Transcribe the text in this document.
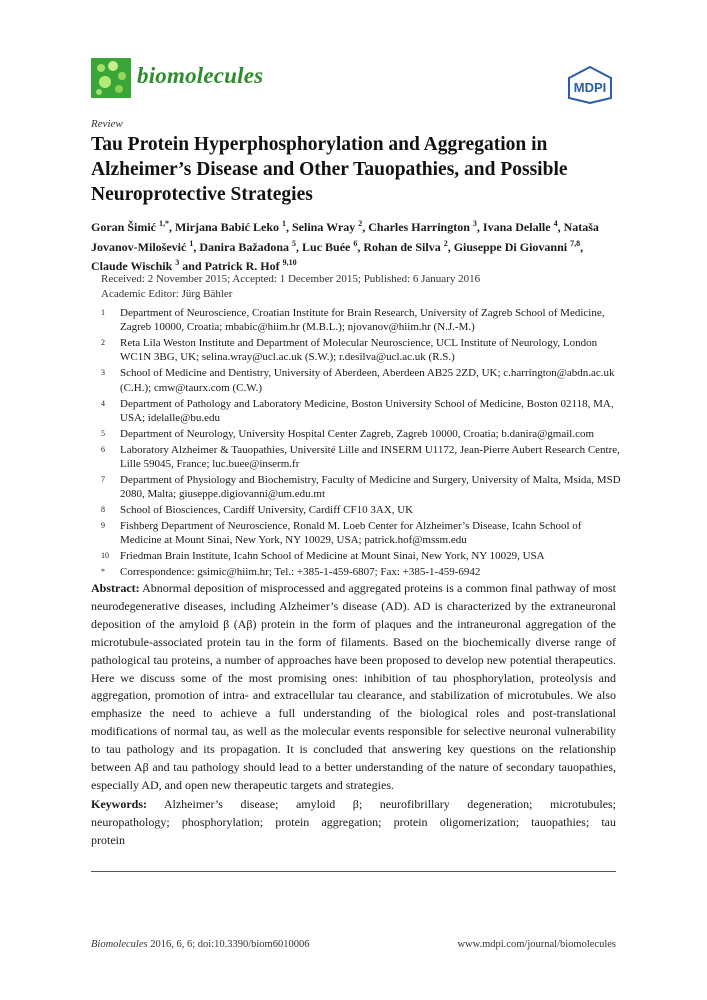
biomolecules	MDPI
Review
Tau Protein Hyperphosphorylation and Aggregation in Alzheimer’s Disease and Other Tauopathies, and Possible Neuroprotective Strategies
Goran Šimić $^{1,*}$, Mirjana Babić Leko $^1$, Selina Wray $^2$, Charles Harrington $^3$, Ivana Delalle $^4$, Nataša Jovanov-Milošević $^1$, Danira Bažadona $^5$, Luc Buée $^6$, Rohan de Silva $^2$, Giuseppe Di Giovanni $^{7,8}$, Claude Wischik $^3$ and Patrick R. Hof $^{9,10}$
Received: 2 November 2015; Accepted: 1 December 2015; Published: 6 January 2016
Academic Editor: Jürg Bähler
1	Department of Neuroscience, Croatian Institute for Brain Research, University of Zagreb School of Medicine, Zagreb 10000, Croatia; mbabic@hiim.hr (M.B.L.); njovanov@hiim.hr (N.J.-M.)
2	Reta Lila Weston Institute and Department of Molecular Neuroscience, UCL Institute of Neurology, London WC1N 3BG, UK; selina.wray@ucl.ac.uk (S.W.); r.desilva@ucl.ac.uk (R.S.)
3	School of Medicine and Dentistry, University of Aberdeen, Aberdeen AB25 2ZD, UK; c.harrington@abdn.ac.uk (C.H.); cmw@taurx.com (C.W.)
4	Department of Pathology and Laboratory Medicine, Boston University School of Medicine, Boston 02118, MA, USA; idelalle@bu.edu
5	Department of Neurology, University Hospital Center Zagreb, Zagreb 10000, Croatia; b.danira@gmail.com
6	Laboratory Alzheimer & Tauopathies, Université Lille and INSERM U1172, Jean-Pierre Aubert Research Centre, Lille 59045, France; luc.buee@inserm.fr
7	Department of Physiology and Biochemistry, Faculty of Medicine and Surgery, University of Malta, Msida, MSD 2080, Malta; giuseppe.digiovanni@um.edu.mt
8	School of Biosciences, Cardiff University, Cardiff CF10 3AX, UK
9	Fishberg Department of Neuroscience, Ronald M. Loeb Center for Alzheimer’s Disease, Icahn School of Medicine at Mount Sinai, New York, NY 10029, USA; patrick.hof@mssm.edu
10	Friedman Brain Institute, Icahn School of Medicine at Mount Sinai, New York, NY 10029, USA
*	Correspondence: gsimic@hiim.hr; Tel.: +385-1-459-6807; Fax: +385-1-459-6942
Abstract: Abnormal deposition of misprocessed and aggregated proteins is a common final pathway of most neurodegenerative diseases, including Alzheimer’s disease (AD). AD is characterized by the extraneuronal deposition of the amyloid β (Aβ) protein in the form of plaques and the intraneuronal aggregation of the microtubule-associated protein tau in the form of filaments. Based on the biochemically diverse range of pathological tau proteins, a number of approaches have been proposed to develop new potential therapeutics. Here we discuss some of the most promising ones: inhibition of tau phosphorylation, proteolysis and aggregation, promotion of intra- and extracellular tau clearance, and stabilization of microtubules. We also emphasize the need to achieve a full understanding of the biological roles and post-translational modifications of normal tau, as well as the molecular events responsible for selective neuronal vulnerability to tau pathology and its propagation. It is concluded that answering key questions on the relationship between Aβ and tau pathology should lead to a better understanding of the nature of secondary tauopathies, especially AD, and open new therapeutic targets and strategies.
Keywords: Alzheimer’s disease; amyloid β; neurofibrillary degeneration; microtubules; neuropathology; phosphorylation; protein aggregation; protein oligomerization; tauopathies; tau protein
Biomolecules 2016, 6, 6; doi:10.3390/biom6010006	www.mdpi.com/journal/biomolecules
